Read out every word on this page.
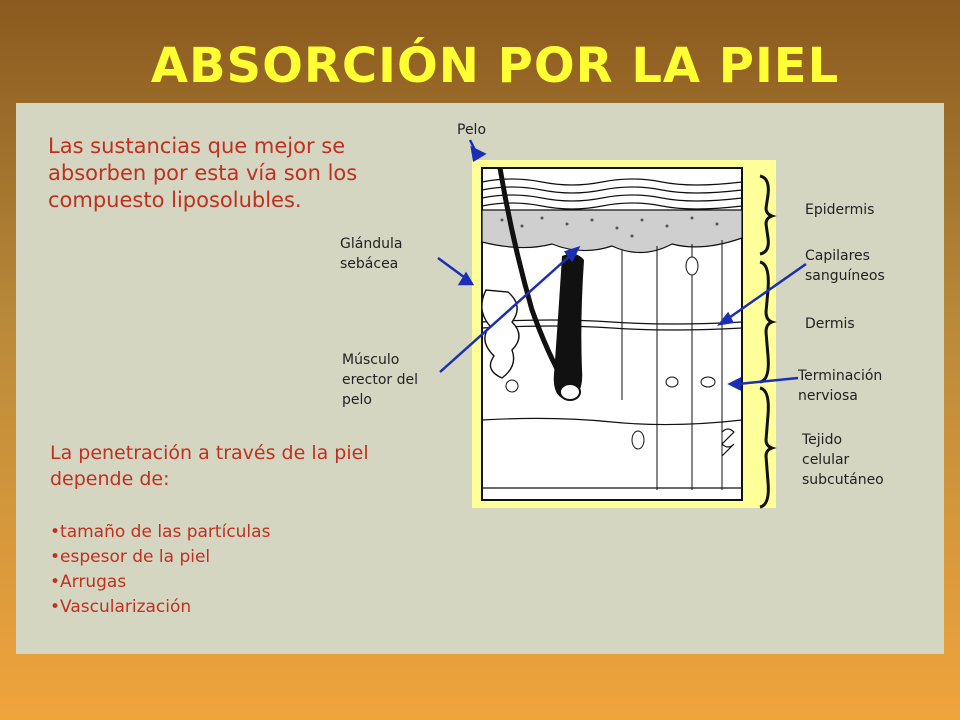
ABSORCIÓN POR LA PIEL
Las sustancias que mejor se absorben por esta vía son los compuesto liposolubles.
La penetración a través de la piel depende de:
• tamaño de las partículas
• espesor de la piel
• Arrugas
• Vascularización
Pelo
Glándula
sebácea
Músculo
erector del
pelo
Epidermis
Capilares
sanguíneos
Dermis
Terminación
nerviosa
Tejido
celular
subcutáneo
